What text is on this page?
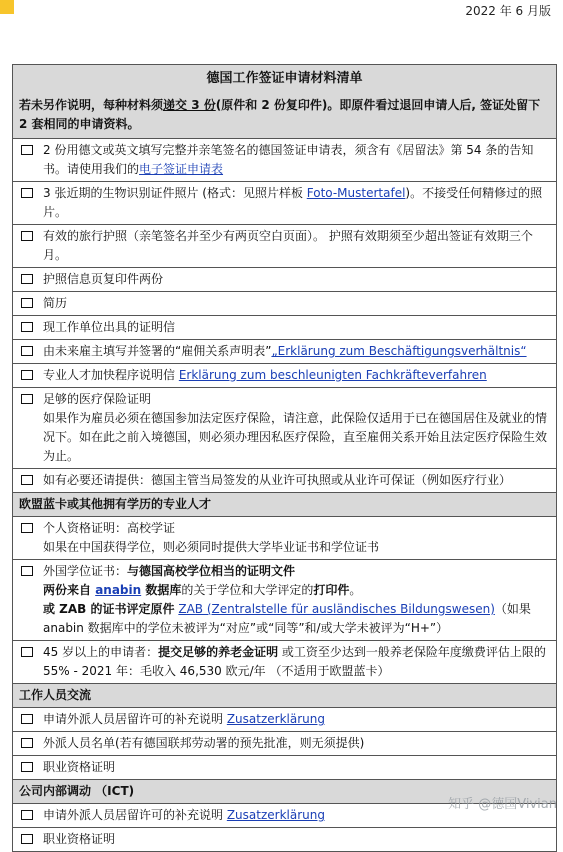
2022 年 6 月版
德国工作签证申请材料清单
若未另作说明，每种材料须递交 3 份(原件和 2 份复印件)。即原件看过退回申请人后, 签证处留下 2 套相同的申请资料。

2 份用德文或英文填写完整并亲笔签名的德国签证申请表，须含有《居留法》第 54 条的告知书。请使用我们的电子签证申请表

3 张近期的生物识别证件照片 (格式：见照片样板 Foto-Mustertafel)。不接受任何精修过的照片。

有效的旅行护照（亲笔签名并至少有两页空白页面）。 护照有效期须至少超出签证有效期三个月。

护照信息页复印件两份

简历

现工作单位出具的证明信

由未来雇主填写并签署的“雇佣关系声明表”„Erklärung zum Beschäftigungsverhältnis“

专业人才加快程序说明信 Erklärung zum beschleunigten Fachkräfteverfahren

足够的医疗保险证明
如果作为雇员必须在德国参加法定医疗保险，请注意，此保险仅适用于已在德国居住及就业的情况下。如在此之前入境德国，则必须办理因私医疗保险，直至雇佣关系开始且法定医疗保险生效为止。

如有必要还请提供：德国主管当局签发的从业许可执照或从业许可保证（例如医疗行业）

欧盟蓝卡或其他拥有学历的专业人才

个人资格证明：高校学证
如果在中国获得学位，则必须同时提供大学毕业证书和学位证书

外国学位证书：与德国高校学位相当的证明文件
两份来自 anabin 数据库的关于学位和大学评定的打印件。
或 ZAB 的证书评定原件 ZAB (Zentralstelle für ausländisches Bildungswesen)（如果 anabin 数据库中的学位未被评为“对应”或“同等”和/或大学未被评为“H+”）

45 岁以上的申请者：提交足够的养老金证明 或工资至少达到一般养老保险年度缴费评估上限的 55% - 2021 年：毛收入 46,530 欧元/年 （不适用于欧盟蓝卡）

工作人员交流

申请外派人员居留许可的补充说明 Zusatzerklärung

外派人员名单(若有德国联邦劳动署的预先批准，则无须提供)

职业资格证明

公司内部调动 （ICT)

申请外派人员居留许可的补充说明 Zusatzerklärung

职业资格证明
知乎 @德国Vivian
